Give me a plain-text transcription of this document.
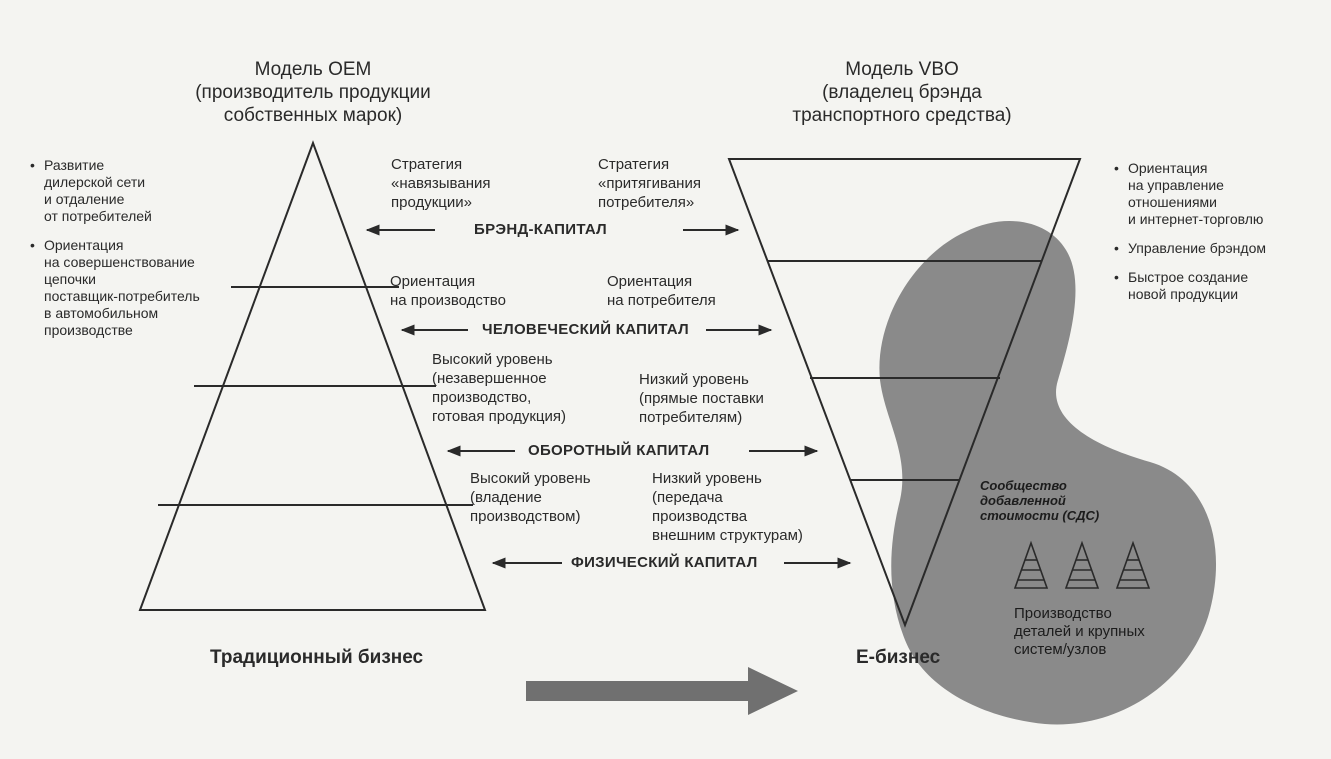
Модель OEM
(производитель продукции
собственных марок)
Модель VBO
(владелец брэнда
транспортного средства)
• Развитие
дилерской сети
и отдаление
от потребителей
• Ориентация
на совершенствование
цепочки
поставщик-потребитель
в автомобильном
производстве
• Ориентация
на управление
отношениями
и интернет-торговлю
• Управление брэндом
• Быстрое создание
новой продукции
Стратегия
«навязывания
продукции»
Стратегия
«притягивания
потребителя»
Ориентация
на производство
Ориентация
на потребителя
Высокий уровень
(незавершенное
производство,
готовая продукция)
Низкий уровень
(прямые поставки
потребителям)
Высокий уровень
(владение
производством)
Низкий уровень
(передача
производства
внешним структурам)
БРЭНД-КАПИТАЛ
ЧЕЛОВЕЧЕСКИЙ КАПИТАЛ
ОБОРОТНЫЙ КАПИТАЛ
ФИЗИЧЕСКИЙ КАПИТАЛ
Сообщество
добавленной
стоимости (СДС)
Производство
деталей и крупных
систем/узлов
Традиционный бизнес	Е-бизнес
